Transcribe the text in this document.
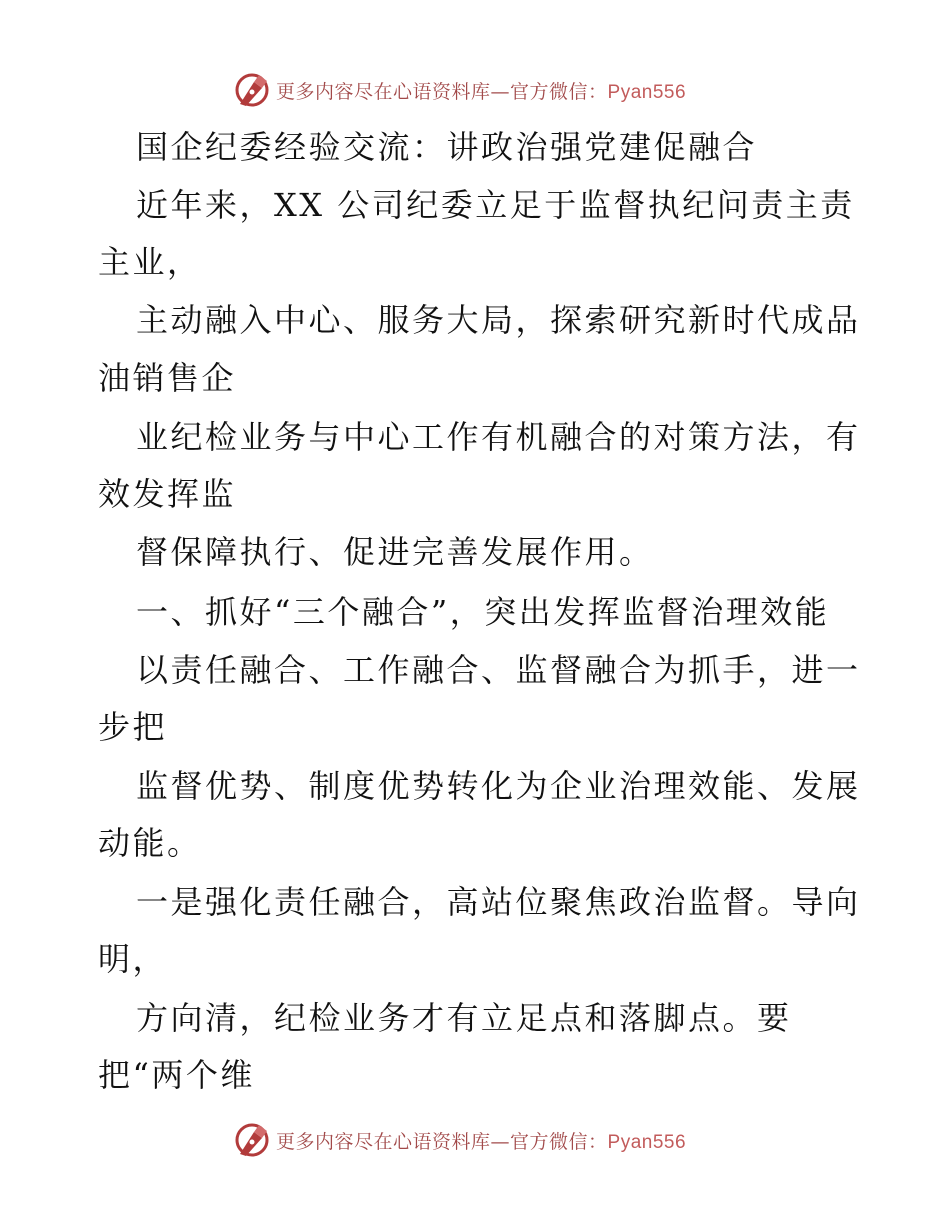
更多内容尽在心语资料库—官方微信：Pyan556
国企纪委经验交流：讲政治强党建促融合
近年来，XX 公司纪委立足于监督执纪问责主责
主业，
主动融入中心、服务大局，探索研究新时代成品
油销售企
业纪检业务与中心工作有机融合的对策方法，有
效发挥监
督保障执行、促进完善发展作用。
一、抓好“三个融合”，突出发挥监督治理效能
以责任融合、工作融合、监督融合为抓手，进一
步把
监督优势、制度优势转化为企业治理效能、发展
动能。
一是强化责任融合，高站位聚焦政治监督。导向
明，
方向清，纪检业务才有立足点和落脚点。要
把“两个维
更多内容尽在心语资料库—官方微信：Pyan556
